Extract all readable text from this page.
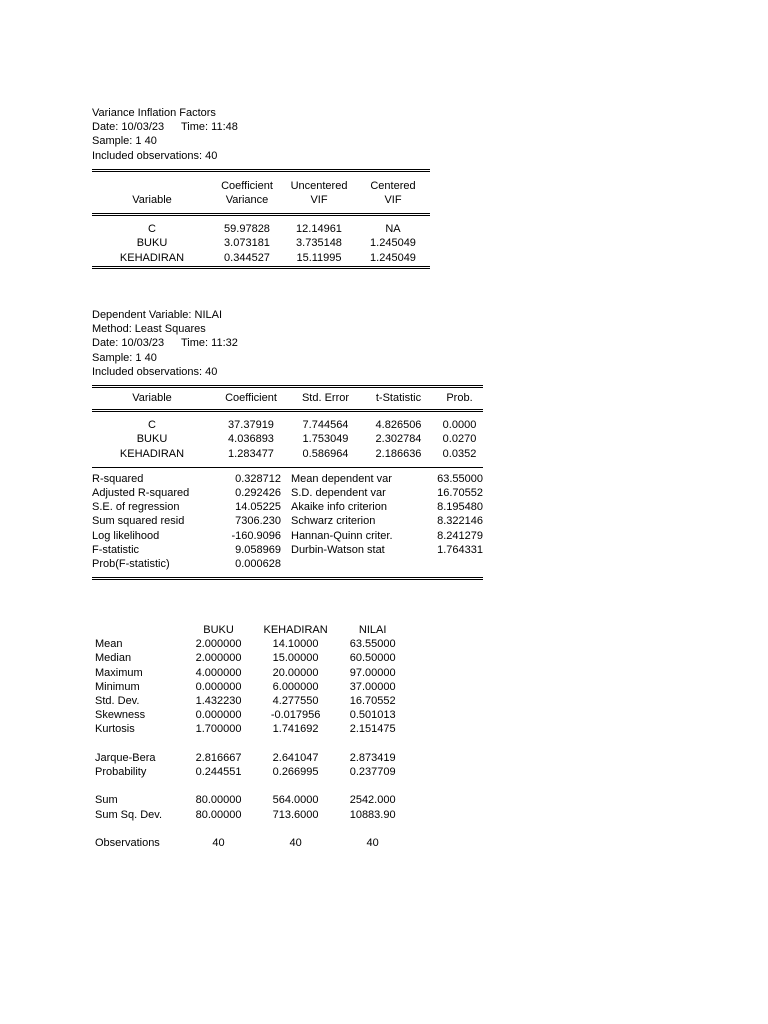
Variance Inflation Factors
Date: 10/03/23 Time: 11:48
Sample: 1 40
Included observations: 40

	Coefficient	Uncentered	Centered
Variable	Variance	VIF	VIF

C	59.97828	12.14961	NA
BUKU	3.073181	3.735148	1.245049
KEHADIRAN	0.344527	15.11995	1.245049
Dependent Variable: NILAI
Method: Least Squares
Date: 10/03/23 Time: 11:32
Sample: 1 40
Included observations: 40

Variable	Coefficient	Std. Error	t-Statistic	Prob.

C	37.37919	7.744564	4.826506	0.0000
BUKU	4.036893	1.753049	2.302784	0.0270
KEHADIRAN	1.283477	0.586964	2.186636	0.0352

R-squared	0.328712	Mean dependent var	63.55000
Adjusted R-squared	0.292426	S.D. dependent var	16.70552
S.E. of regression	14.05225	Akaike info criterion	8.195480
Sum squared resid	7306.230	Schwarz criterion	8.322146
Log likelihood	-160.9096	Hannan-Quinn criter.	8.241279
F-statistic	9.058969	Durbin-Watson stat	1.764331
Prob(F-statistic)	0.000628		

	BUKU	KEHADIRAN	NILAI
Mean	2.000000	14.10000	63.55000
Median	2.000000	15.00000	60.50000
Maximum	4.000000	20.00000	97.00000
Minimum	0.000000	6.000000	37.00000
Std. Dev.	1.432230	4.277550	16.70552
Skewness	0.000000	-0.017956	0.501013
Kurtosis	1.700000	1.741692	2.151475

Jarque-Bera	2.816667	2.641047	2.873419
Probability	0.244551	0.266995	0.237709

Sum	80.00000	564.0000	2542.000
Sum Sq. Dev.	80.00000	713.6000	10883.90

Observations	40	40	40
